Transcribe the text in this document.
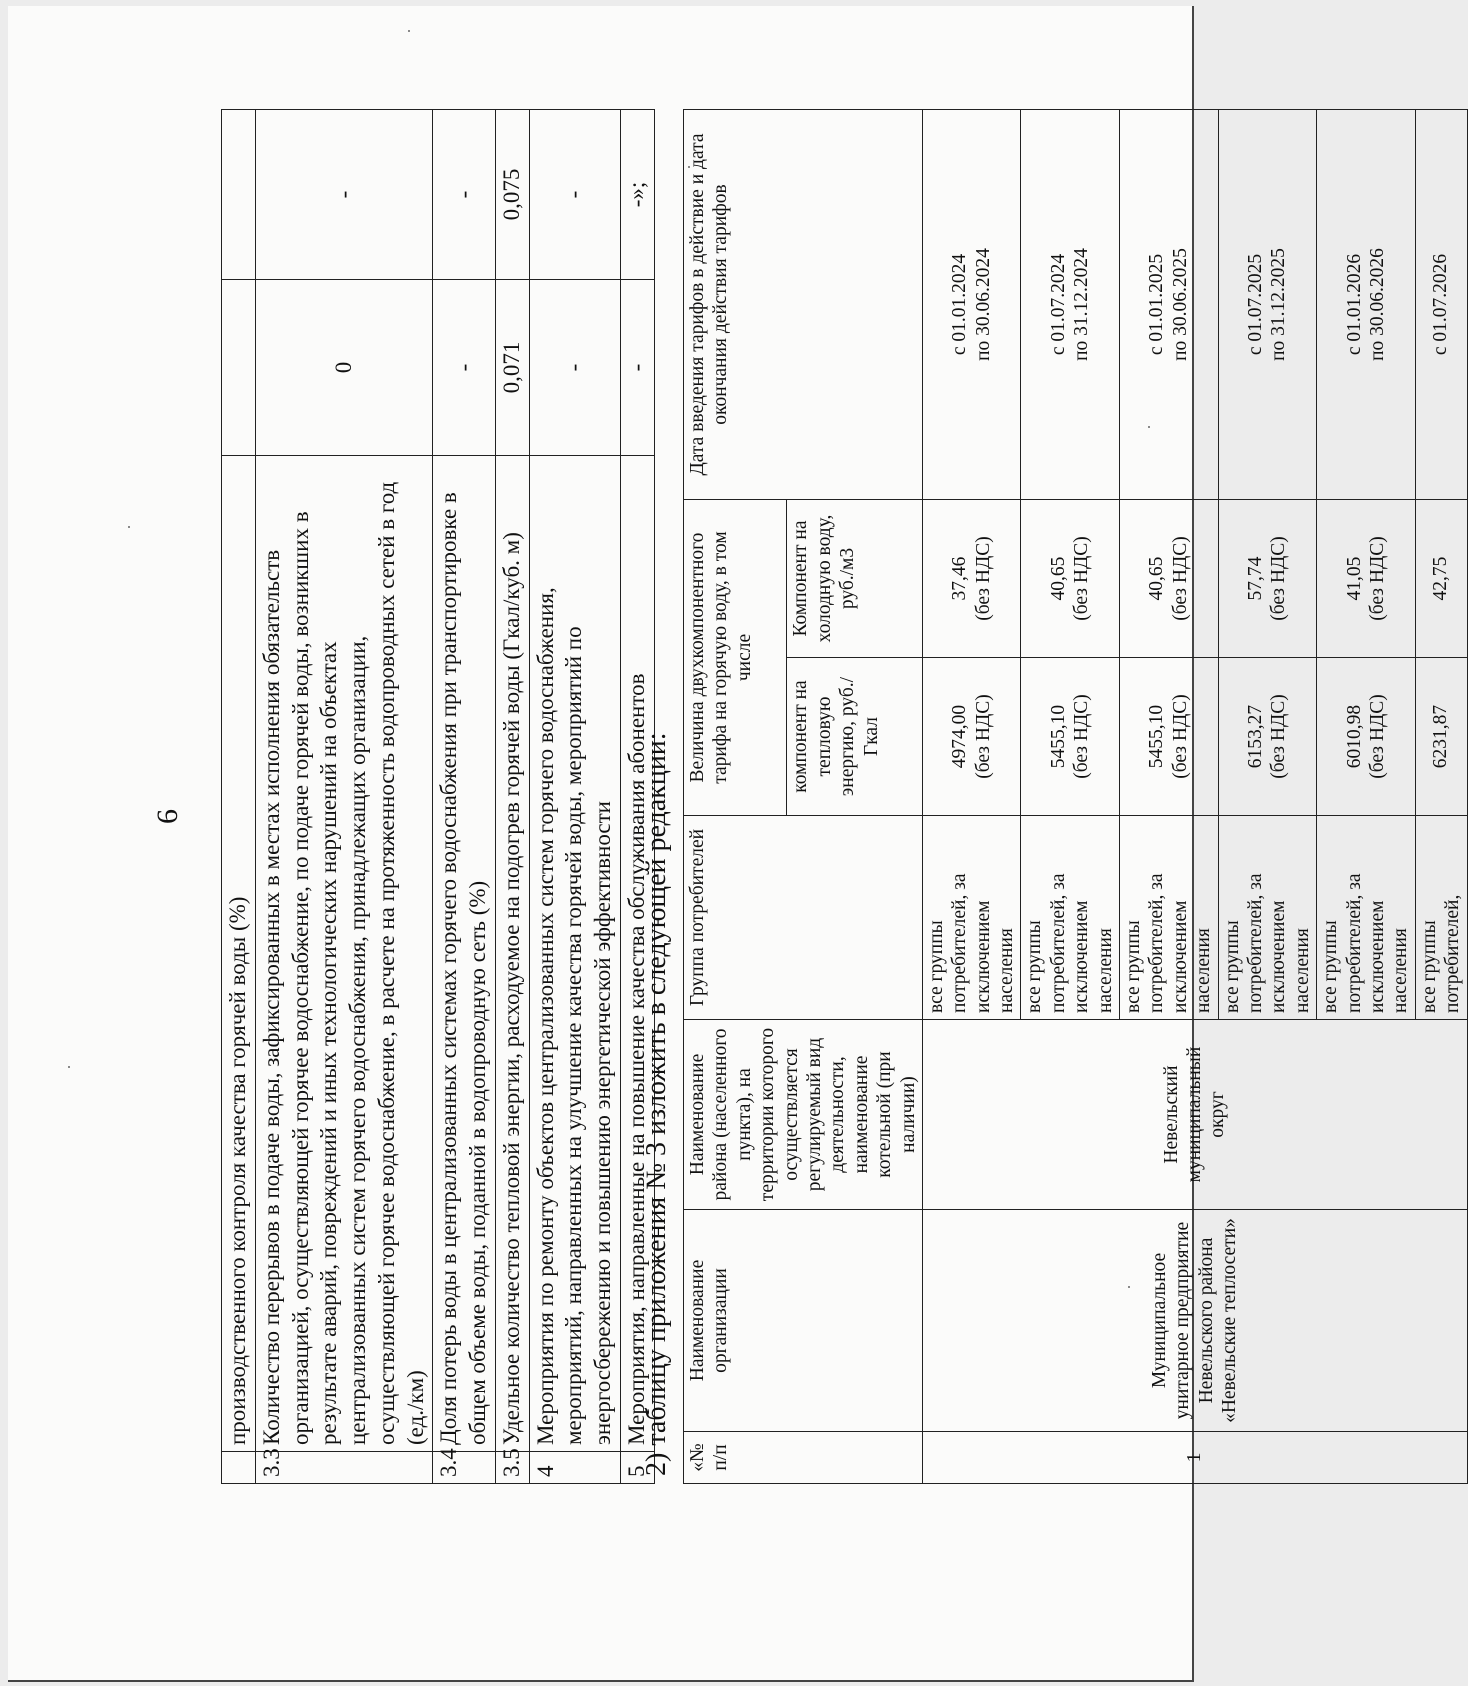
6
	производственного контроля качества горячей воды (%)		
3.3	Количество перерывов в подаче воды, зафиксированных в местах исполнения обязательств организацией, осуществляющей горячее водоснабжение, по подаче горячей воды, возникших в результате аварий, повреждений и иных технологических нарушений на объектах централизованных систем горячего водоснабжения, принадлежащих организации, осуществляющей горячее водоснабжение, в расчете на протяженность водопроводных сетей в год (ед./км)	0	-
3.4	Доля потерь воды в централизованных системах горячего водоснабжения при транспортировке в общем объеме воды, поданной в водопроводную сеть (%)	-	-
3.5	Удельное количество тепловой энергии, расходуемое на подогрев горячей воды (Гкал/куб. м)	0,071	0,075
4	Мероприятия по ремонту объектов централизованных систем горячего водоснабжения, мероприятий, направленных на улучшение качества горячей воды, мероприятий по энергосбережению и повышению энергетической эффективности	-	-
5	Мероприятия, направленные на повышение качества обслуживания абонентов	-	-»;
2) таблицу приложения № 3 изложить в следующей редакции: «№ п/п	Наименование организации	Наименование района (населенного пункта), на территории которого осуществляется регулируемый вид деятельности, наименование котельной (при наличии)	Группа потребителей	Величина двухкомпонентного тарифа на горячую воду, в том числе		Дата введения тарифов в действие и дата окончания действия тарифов
				компонент на тепловую энергию, руб./Гкал	Компонент на холодную воду, руб./м3	
1	Муниципальное унитарное предприятие Невельского района «Невельские теплосети»	Невельский муниципальный округ	все группы потребителей, за исключением населения	4974,00 (без НДС)	37,46 (без НДС)	с 01.01.2024 по 30.06.2024
			все группы потребителей, за исключением населения	5455,10 (без НДС)	40,65 (без НДС)	с 01.07.2024 по 31.12.2024
			все группы потребителей, за исключением населения	5455,10 (без НДС)	40,65 (без НДС)	с 01.01.2025 по 30.06.2025
			все группы потребителей, за исключением населения	6153,27 (без НДС)	57,74 (без НДС)	с 01.07.2025 по 31.12.2025
			все группы потребителей, за исключением населения	6010,98 (без НДС)	41,05 (без НДС)	с 01.01.2026 по 30.06.2026
			все группы потребителей,	6231,87	42,75	с 01.07.2026
